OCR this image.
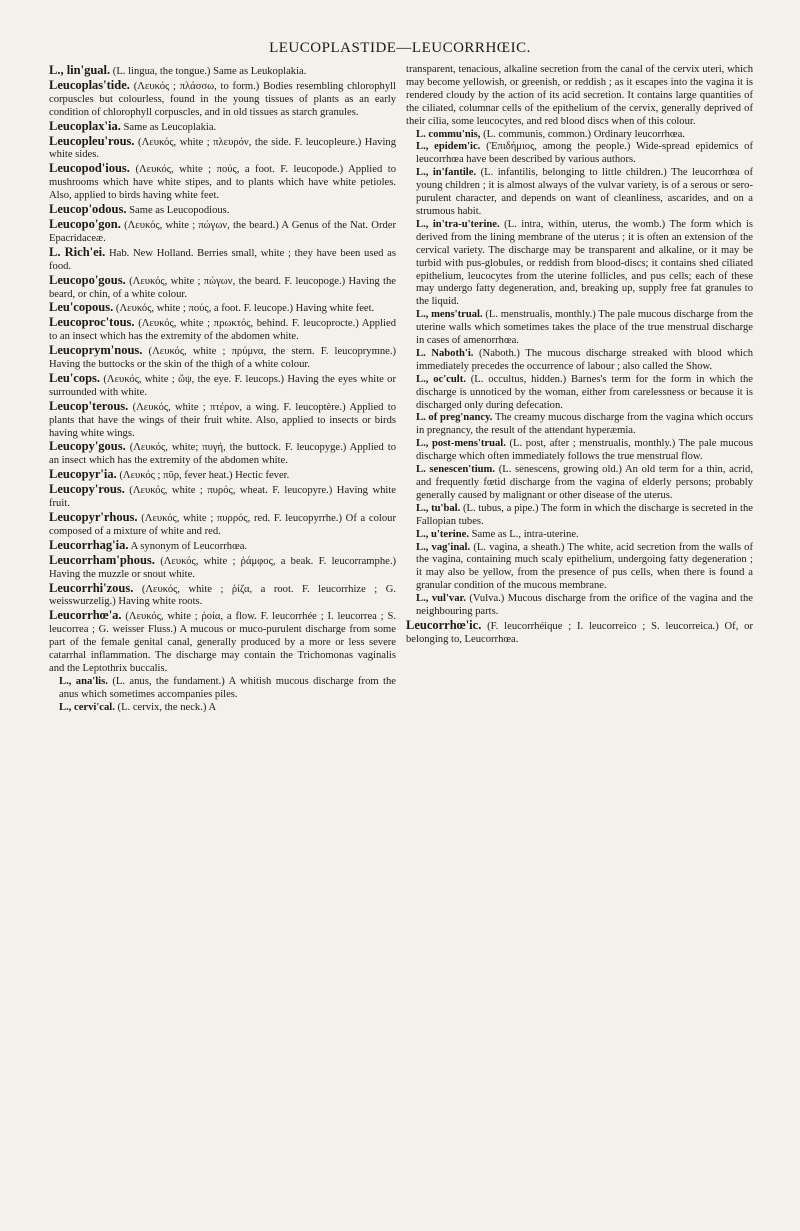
LEUCOPLASTIDE—LEUCORRHŒIC.

L., lin'gual. (L. lingua, the tongue.) Same as Leukoplakia.

Leucoplas'tide. (Λευκός ; πλάσσω, to form.) Bodies resembling chlorophyll corpuscles but colourless, found in the young tissues of plants as an early condition of chlorophyll corpuscles, and in old tissues as starch granules.

Leucoplax'ia. Same as Leucoplakia.

Leucopleu'rous. (Λευκός, white ; πλευρόν, the side. F. leucopleure.) Having white sides.

Leucopod'ious. (Λευκός, white ; πούς, a foot. F. leucopode.) Applied to mushrooms which have white stipes, and to plants which have white petioles. Also, applied to birds having white feet.

Leucop'odous. Same as Leucopodious.

Leucopo'gon. (Λευκός, white ; πώγων, the beard.) A Genus of the Nat. Order Epacridaceæ.

L. Rich'ei. Hab. New Holland. Berries small, white ; they have been used as food.

Leucopo'gous. (Λευκός, white ; πώγων, the beard. F. leucopoge.) Having the beard, or chin, of a white colour.

Leu'copous. (Λευκός, white ; πούς, a foot. F. leucope.) Having white feet.

Leucoproc'tous. (Λευκός, white ; πρωκτός, behind. F. leucoprocte.) Applied to an insect which has the extremity of the abdomen white.

Leucoprym'nous. (Λευκός, white ; πρύμνα, the stern. F. leucoprymne.) Having the buttocks or the skin of the thigh of a white colour.

Leu'cops. (Λευκός, white ; ὤψ, the eye. F. leucops.) Having the eyes white or surrounded with white.

Leucop'terous. (Λευκός, white ; πτέρον, a wing. F. leucoptère.) Applied to plants that have the wings of their fruit white. Also, applied to insects or birds having white wings.

Leucopy'gous. (Λευκός, white; πυγή, the buttock. F. leucopyge.) Applied to an insect which has the extremity of the abdomen white.

Leucopyr'ia. (Λευκός ; πῦρ, fever heat.) Hectic fever.

Leucopy'rous. (Λευκός, white ; πυρός, wheat. F. leucopyre.) Having white fruit.

Leucopyr'rhous. (Λευκός, white ; πυρρός, red. F. leucopyrrhe.) Of a colour composed of a mixture of white and red.

Leucorrhag'ia. A synonym of Leucorrhœa.

Leucorrham'phous. (Λευκός, white ; ῥάμφος, a beak. F. leucorramphe.) Having the muzzle or snout white.

Leucorrhi'zous. (Λευκός, white ; ῥίζα, a root. F. leucorrhize ; G. weisswurzelig.) Having white roots.

Leucorrhœ'a. (Λευκός, white ; ῥοία, a flow. F. leucorrhée ; I. leucorrea ; S. leucorrea ; G. weisser Fluss.) A mucous or muco-purulent discharge from some part of the female genital canal, generally produced by a more or less severe catarrhal inflammation. The discharge may contain the Trichomonas vaginalis and the Leptothrix buccalis.

L., ana'lis. (L. anus, the fundament.) A whitish mucous discharge from the anus which sometimes accompanies piles.

L., cervi'cal. (L. cervix, the neck.) A

transparent, tenacious, alkaline secretion from the canal of the cervix uteri, which may become yellowish, or greenish, or reddish ; as it escapes into the vagina it is rendered cloudy by the action of its acid secretion. It contains large quantities of the ciliated, columnar cells of the epithelium of the cervix, generally deprived of their cilia, some leucocytes, and red blood discs when of this colour.

L. commu'nis, (L. communis, common.) Ordinary leucorrhœa.

L., epidem'ic. (Ἐπιδήμιος, among the people.) Wide-spread epidemics of leucorrhœa have been described by various authors.

L., in'fantile. (L. infantilis, belonging to little children.) The leucorrhœa of young children ; it is almost always of the vulvar variety, is of a serous or sero-purulent character, and depends on want of cleanliness, ascarides, and on a strumous habit.

L., in'tra-u'terine. (L. intra, within, uterus, the womb.) The form which is derived from the lining membrane of the uterus ; it is often an extension of the cervical variety. The discharge may be transparent and alkaline, or it may be turbid with pus-globules, or reddish from blood-discs; it contains shed ciliated epithelium, leucocytes from the uterine follicles, and pus cells; each of these may undergo fatty degeneration, and, breaking up, supply free fat granules to the liquid.

L., mens'trual. (L. menstrualis, monthly.) The pale mucous discharge from the uterine walls which sometimes takes the place of the true menstrual discharge in cases of amenorrhœa.

L. Naboth'i. (Naboth.) The mucous discharge streaked with blood which immediately precedes the occurrence of labour ; also called the Show.

L., oc'cult. (L. occultus, hidden.) Barnes's term for the form in which the discharge is unnoticed by the woman, either from carelessness or because it is discharged only during defecation.

L. of preg'nancy. The creamy mucous discharge from the vagina which occurs in pregnancy, the result of the attendant hyperæmia.

L., post-mens'trual. (L. post, after ; menstrualis, monthly.) The pale mucous discharge which often immediately follows the true menstrual flow.

L. senescen'tium. (L. senescens, growing old.) An old term for a thin, acrid, and frequently fœtid discharge from the vagina of elderly persons; probably generally caused by malignant or other disease of the uterus.

L., tu'bal. (L. tubus, a pipe.) The form in which the discharge is secreted in the Fallopian tubes.

L., u'terine. Same as L., intra-uterine.

L., vag'inal. (L. vagina, a sheath.) The white, acid secretion from the walls of the vagina, containing much scaly epithelium, undergoing fatty degeneration ; it may also be yellow, from the presence of pus cells, when there is found a granular condition of the mucous membrane.

L., vul'var. (Vulva.) Mucous discharge from the orifice of the vagina and the neighbouring parts.

Leucorrhœ'ic. (F. leucorrhéique ; I. leucorreico ; S. leucorreica.) Of, or belonging to, Leucorrhœa.
